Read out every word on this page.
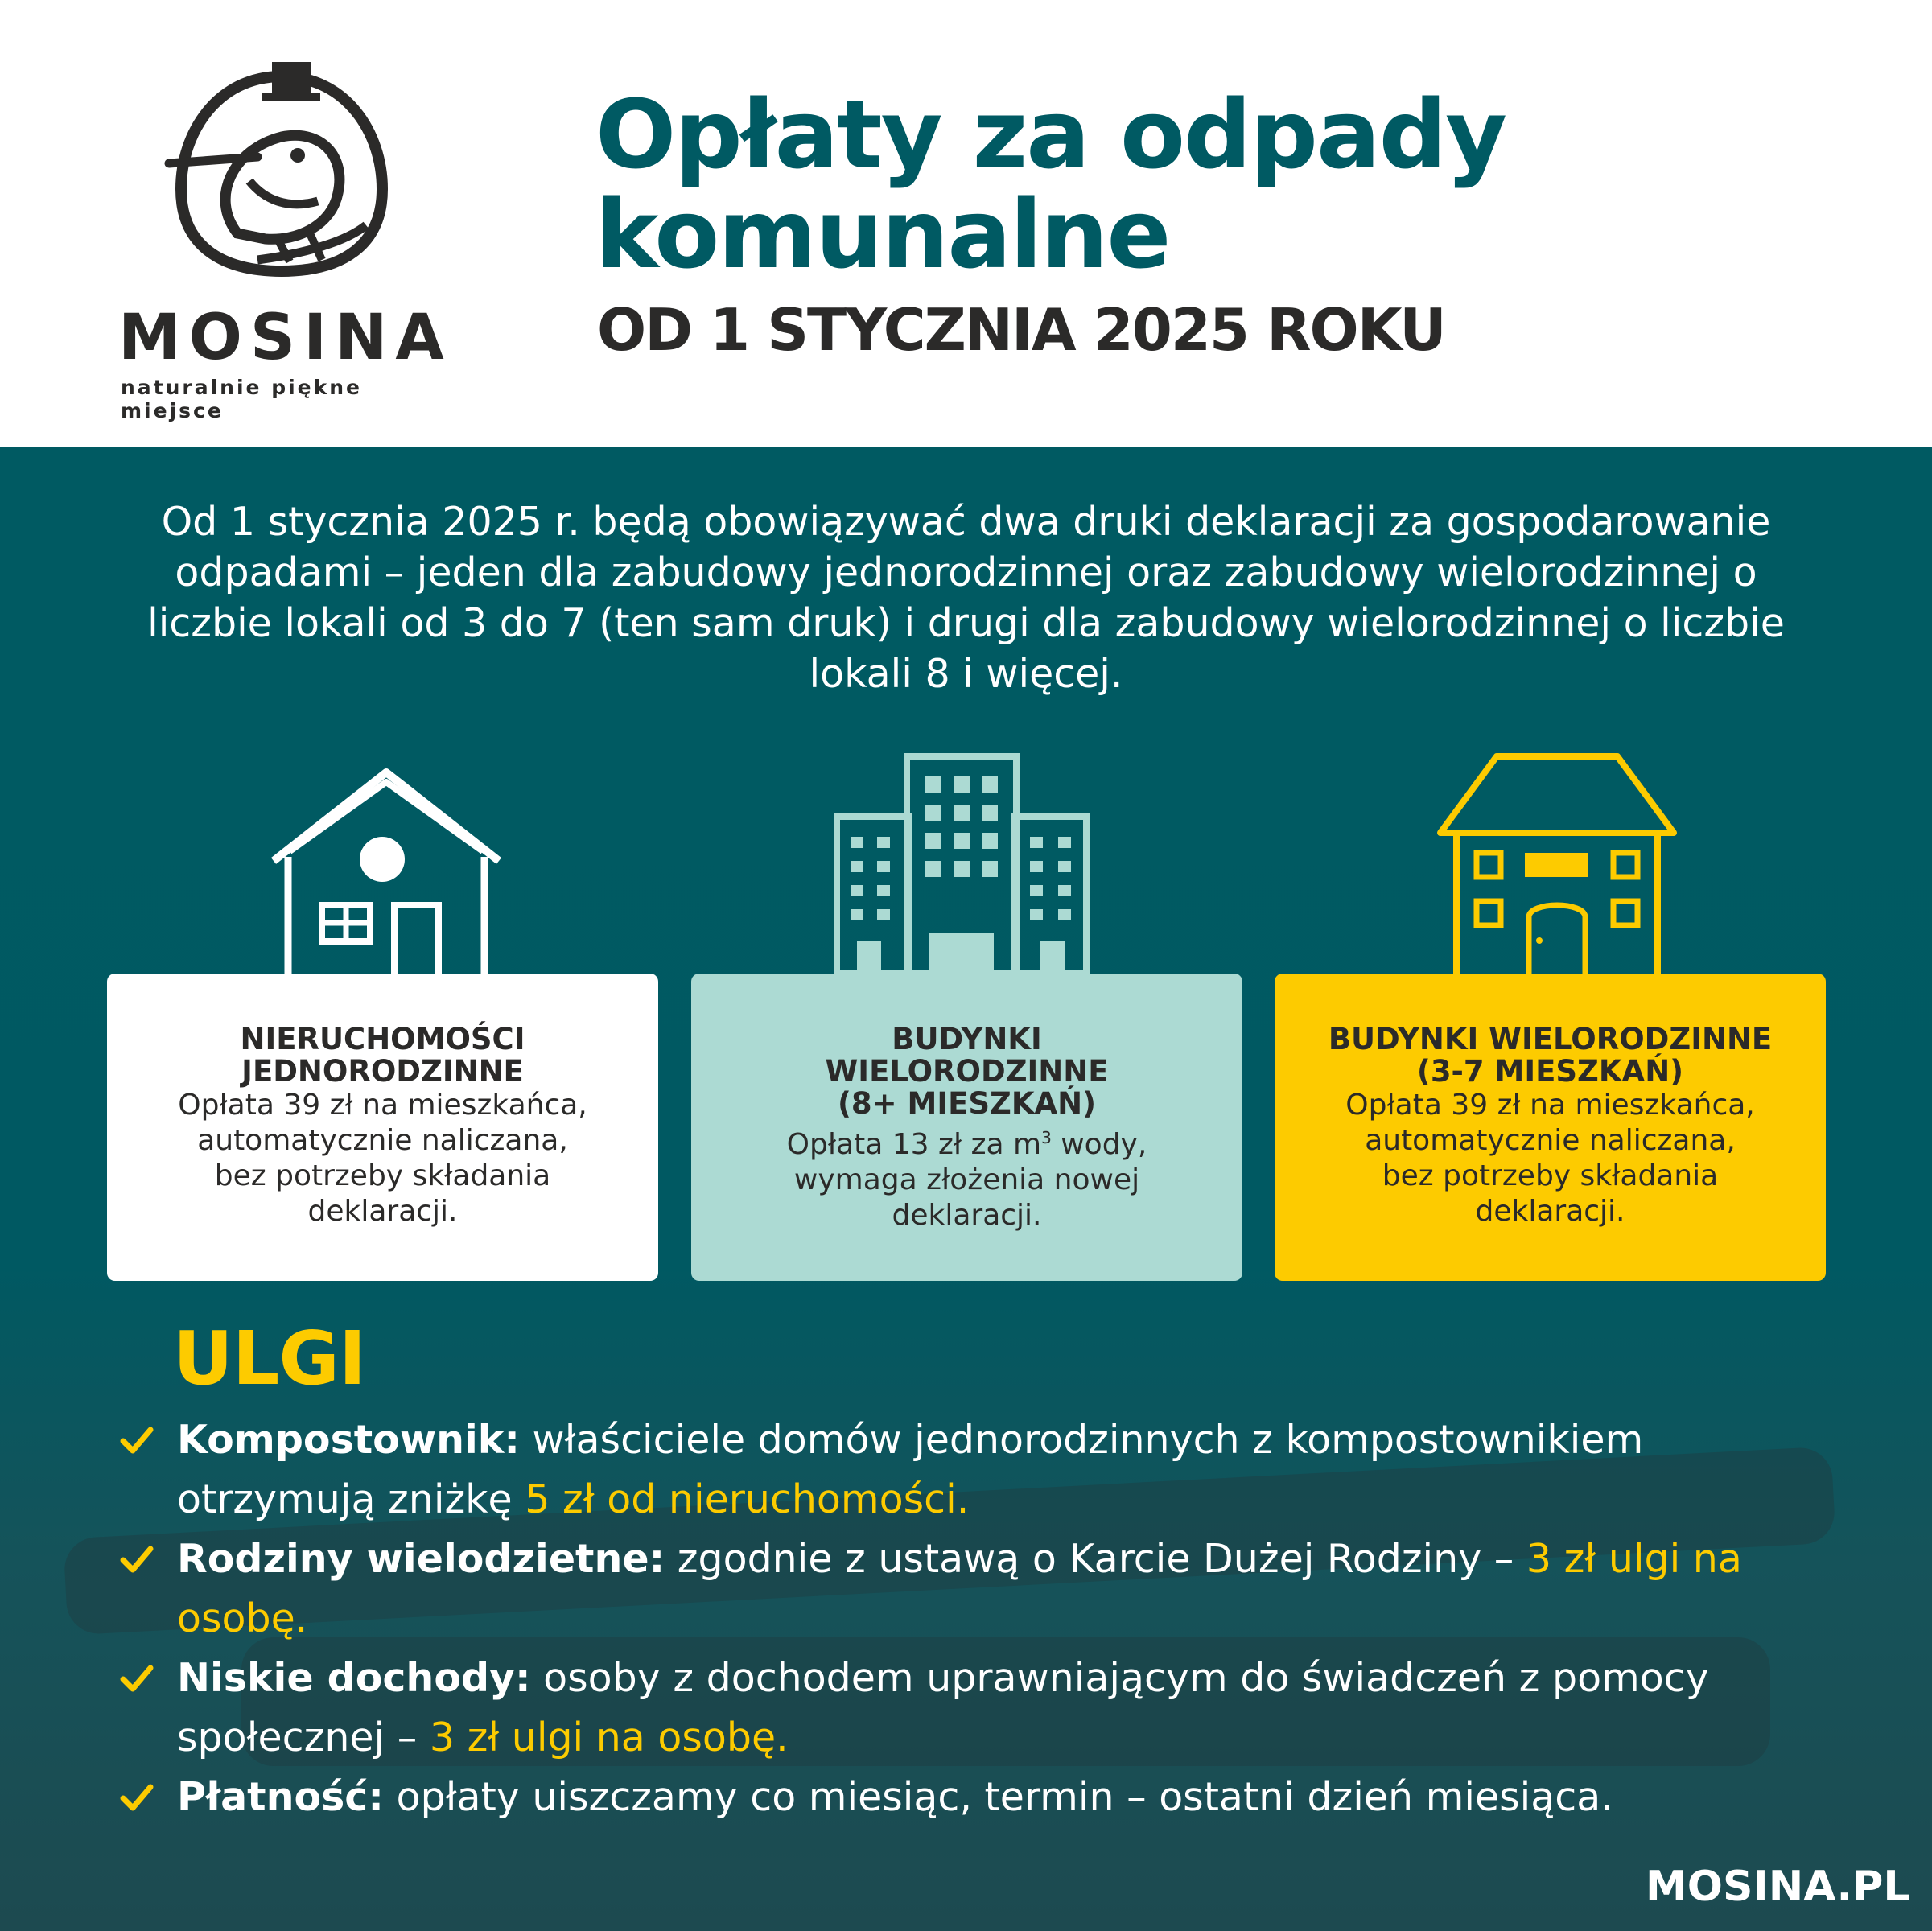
MOSINA
naturalnie piękne miejsce
Opłaty za odpady komunalne
OD 1 STYCZNIA 2025 ROKU
Od 1 stycznia 2025 r. będą obowiązywać dwa druki deklaracji za gospodarowanie odpadami – jeden dla zabudowy jednorodzinnej oraz zabudowy wielorodzinnej o liczbie lokali od 3 do 7 (ten sam druk) i drugi dla zabudowy wielorodzinnej o liczbie lokali 8 i więcej.
NIERUCHOMOŚCI
JEDNORODZINNE
Opłata 39 zł na mieszkańca, automatycznie naliczana, bez potrzeby składania deklaracji.
BUDYNKI
WIELORODZINNE
(8+ MIESZKAŃ)
Opłata 13 zł za $m^3$ wody, wymaga złożenia nowej deklaracji.
BUDYNKI WIELORODZINNE
(3-7 MIESZKAŃ)
Opłata 39 zł na mieszkańca, automatycznie naliczana, bez potrzeby składania deklaracji.
ULGI
Kompostownik: właściciele domów jednorodzinnych z kompostownikiem otrzymują zniżkę 5 zł od nieruchomości.
Rodziny wielodzietne: zgodnie z ustawą o Karcie Dużej Rodziny – 3 zł ulgi na osobę.
Niskie dochody: osoby z dochodem uprawniającym do świadczeń z pomocy społecznej – 3 zł ulgi na osobę.
Płatność: opłaty uiszczamy co miesiąc, termin – ostatni dzień miesiąca.
MOSINA.PL
